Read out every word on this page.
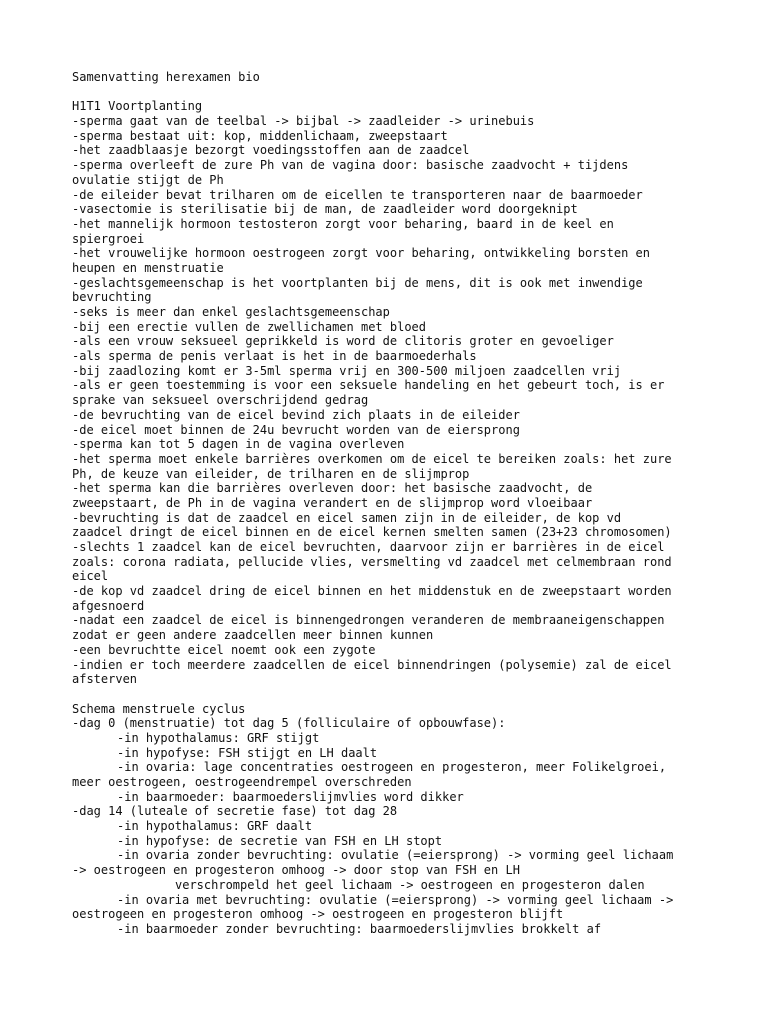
Samenvatting herexamen bio
H1T1 Voortplanting
-sperma gaat van de teelbal -> bijbal -> zaadleider -> urinebuis
-sperma bestaat uit: kop, middenlichaam, zweepstaart
-het zaadblaasje bezorgt voedingsstoffen aan de zaadcel
-sperma overleeft de zure Ph van de vagina door: basische zaadvocht + tijdens
ovulatie stijgt de Ph
-de eileider bevat trilharen om de eicellen te transporteren naar de baarmoeder
-vasectomie is sterilisatie bij de man, de zaadleider word doorgeknipt
-het mannelijk hormoon testosteron zorgt voor beharing, baard in de keel en
spiergroei
-het vrouwelijke hormoon oestrogeen zorgt voor beharing, ontwikkeling borsten en
heupen en menstruatie
-geslachtsgemeenschap is het voortplanten bij de mens, dit is ook met inwendige
bevruchting
-seks is meer dan enkel geslachtsgemeenschap
-bij een erectie vullen de zwellichamen met bloed
-als een vrouw seksueel geprikkeld is word de clitoris groter en gevoeliger
-als sperma de penis verlaat is het in de baarmoederhals
-bij zaadlozing komt er 3-5ml sperma vrij en 300-500 miljoen zaadcellen vrij
-als er geen toestemming is voor een seksuele handeling en het gebeurt toch, is er
sprake van seksueel overschrijdend gedrag
-de bevruchting van de eicel bevind zich plaats in de eileider
-de eicel moet binnen de 24u bevrucht worden van de eiersprong
-sperma kan tot 5 dagen in de vagina overleven
-het sperma moet enkele barrières overkomen om de eicel te bereiken zoals: het zure
Ph, de keuze van eileider, de trilharen en de slijmprop
-het sperma kan die barrières overleven door: het basische zaadvocht, de
zweepstaart, de Ph in de vagina verandert en de slijmprop word vloeibaar
-bevruchting is dat de zaadcel en eicel samen zijn in de eileider, de kop vd
zaadcel dringt de eicel binnen en de eicel kernen smelten samen (23+23 chromosomen)
-slechts 1 zaadcel kan de eicel bevruchten, daarvoor zijn er barrières in de eicel
zoals: corona radiata, pellucide vlies, versmelting vd zaadcel met celmembraan rond
eicel
-de kop vd zaadcel dring de eicel binnen en het middenstuk en de zweepstaart worden
afgesnoerd
-nadat een zaadcel de eicel is binnengedrongen veranderen de membraaneigenschappen
zodat er geen andere zaadcellen meer binnen kunnen
-een bevruchtte eicel noemt ook een zygote
-indien er toch meerdere zaadcellen de eicel binnendringen (polysemie) zal de eicel
afsterven
Schema menstruele cyclus
-dag 0 (menstruatie) tot dag 5 (folliculaire of opbouwfase):
-in hypothalamus: GRF stijgt
-in hypofyse: FSH stijgt en LH daalt
-in ovaria: lage concentraties oestrogeen en progesteron, meer Folikelgroei,
meer oestrogeen, oestrogeendrempel overschreden
-in baarmoeder: baarmoederslijmvlies word dikker
-dag 14 (luteale of secretie fase) tot dag 28
-in hypothalamus: GRF daalt
-in hypofyse: de secretie van FSH en LH stopt
-in ovaria zonder bevruchting: ovulatie (=eiersprong) -> vorming geel lichaam
-> oestrogeen en progesteron omhoog -> door stop van FSH en LH
verschrompeld het geel lichaam -> oestrogeen en progesteron dalen
-in ovaria met bevruchting: ovulatie (=eiersprong) -> vorming geel lichaam ->
oestrogeen en progesteron omhoog -> oestrogeen en progesteron blijft
-in baarmoeder zonder bevruchting: baarmoederslijmvlies brokkelt af
